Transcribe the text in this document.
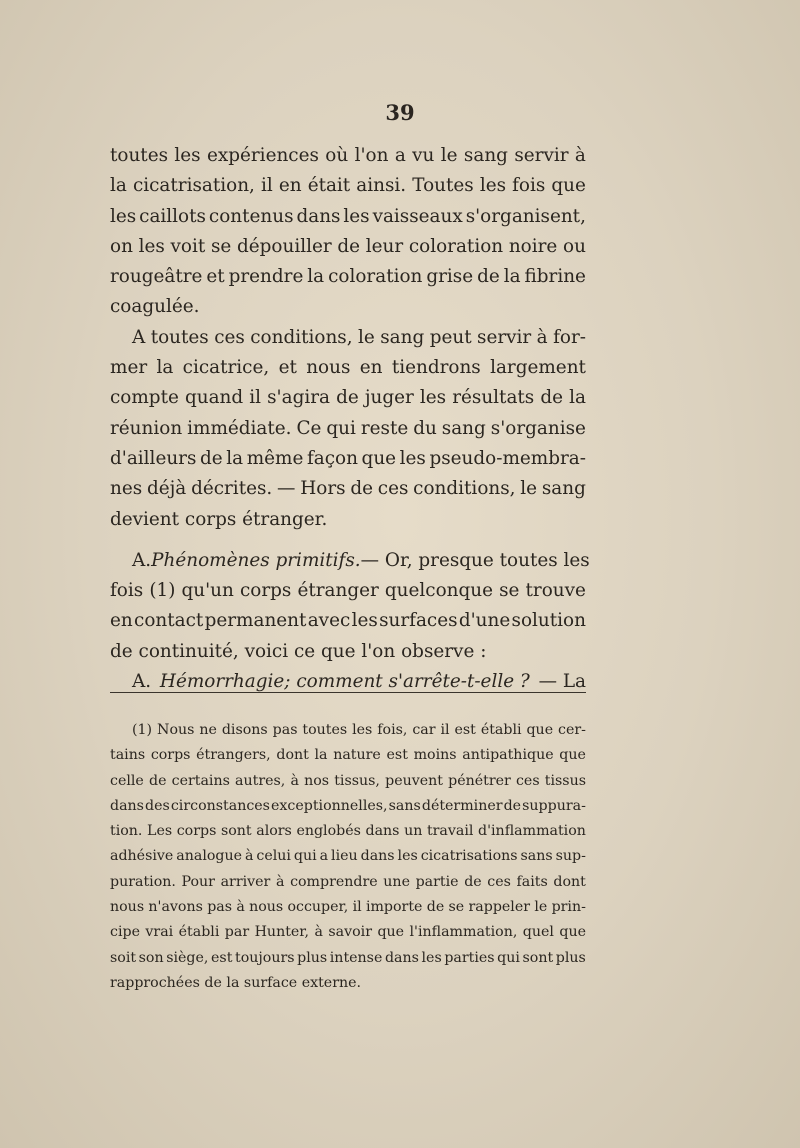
39
toutes les expériences où l'on a vu le sang servir à
la cicatrisation, il en était ainsi. Toutes les fois que
les caillots contenus dans les vaisseaux s'organisent,
on les voit se dépouiller de leur coloration noire ou
rougeâtre et prendre la coloration grise de la fibrine
coagulée.
A toutes ces conditions, le sang peut servir à for-
mer la cicatrice, et nous en tiendrons largement
compte quand il s'agira de juger les résultats de la
réunion immédiate. Ce qui reste du sang s'organise
d'ailleurs de la même façon que les pseudo-membra-
nes déjà décrites. — Hors de ces conditions, le sang
devient corps étranger.
A. Phénomènes primitifs. — Or, presque toutes les
fois (1) qu'un corps étranger quelconque se trouve
en contact permanent avec les surfaces d'une solution
de continuité, voici ce que l'on observe :
A. Hémorrhagie; comment s'arrête-t-elle ? — La
(1) Nous ne disons pas toutes les fois, car il est établi que cer-
tains corps étrangers, dont la nature est moins antipathique que
celle de certains autres, à nos tissus, peuvent pénétrer ces tissus
dans des circonstances exceptionnelles, sans déterminer de suppura-
tion. Les corps sont alors englobés dans un travail d'inflammation
adhésive analogue à celui qui a lieu dans les cicatrisations sans sup-
puration. Pour arriver à comprendre une partie de ces faits dont
nous n'avons pas à nous occuper, il importe de se rappeler le prin-
cipe vrai établi par Hunter, à savoir que l'inflammation, quel que
soit son siège, est toujours plus intense dans les parties qui sont plus
rapprochées de la surface externe.
